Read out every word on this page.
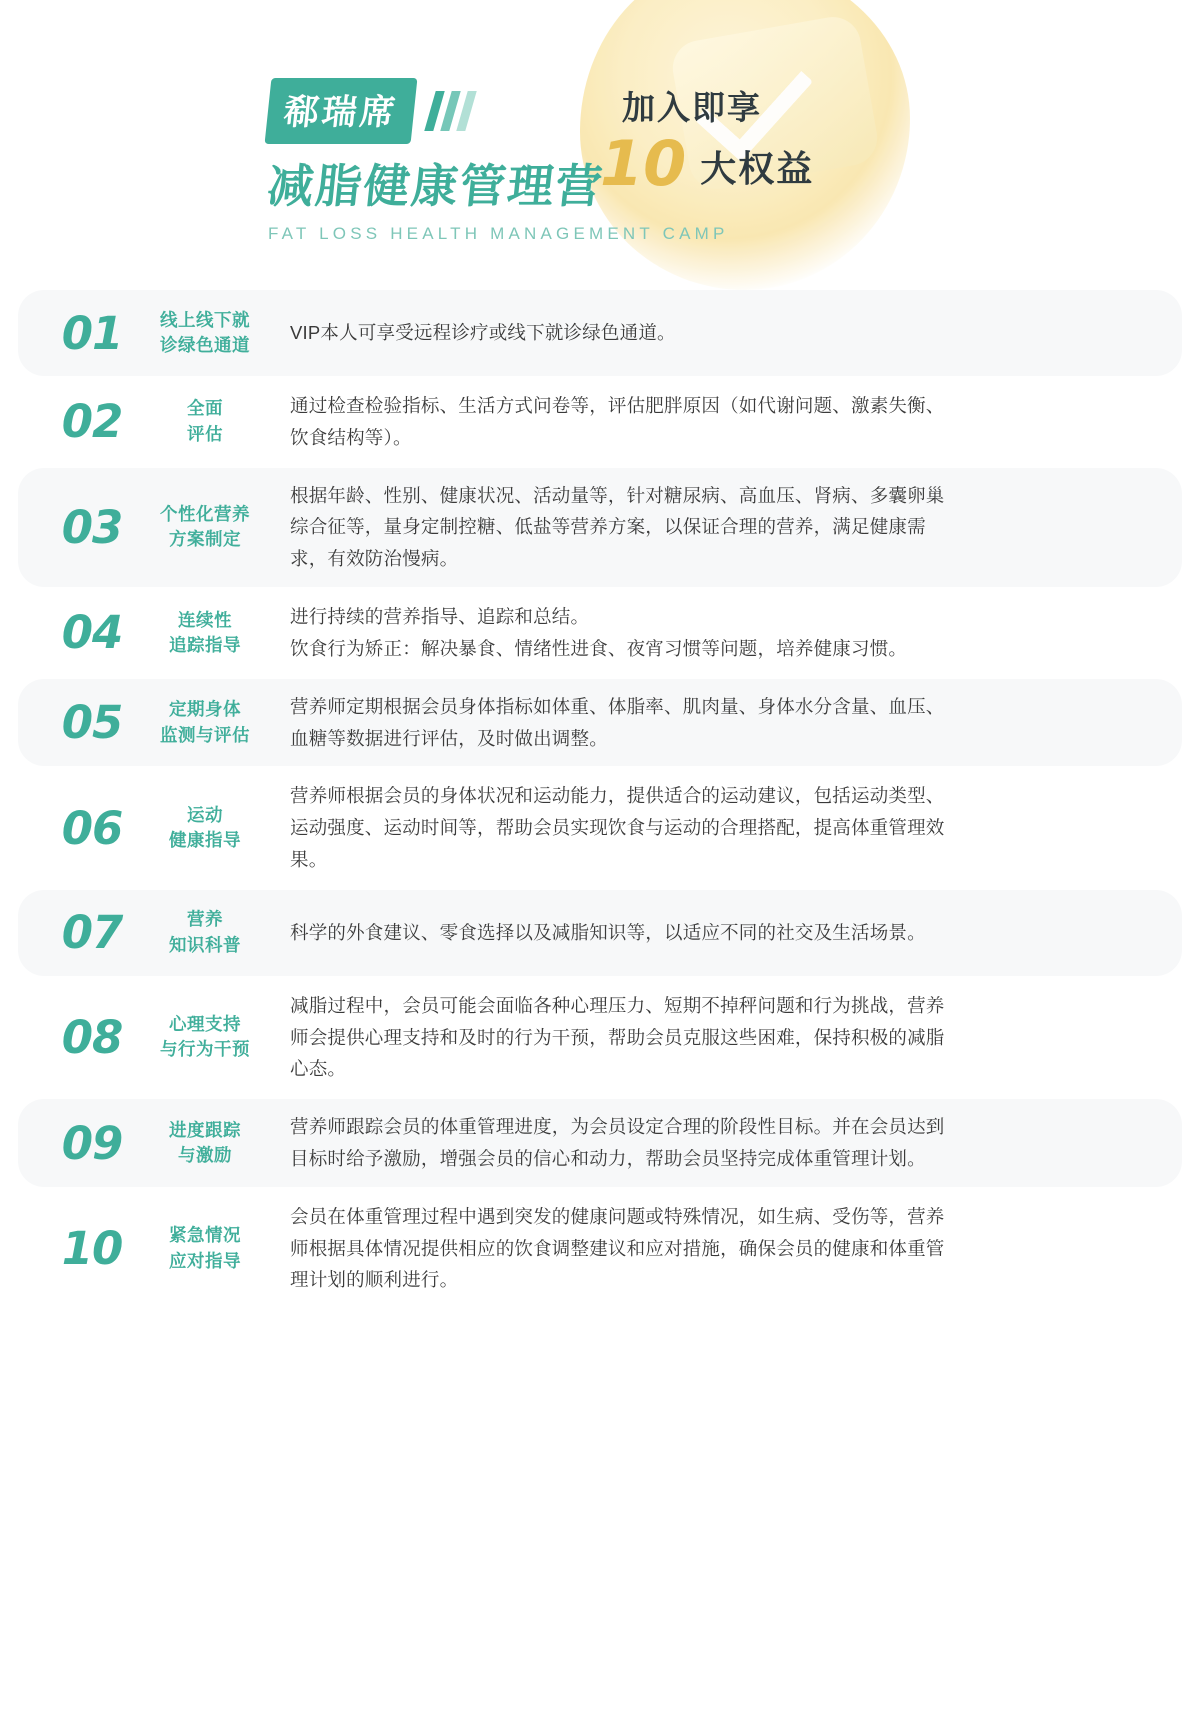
郗瑞席
减脂健康管理营
FAT LOSS HEALTH MANAGEMENT CAMP
加入即享
10 大权益
01	线上线下就
诊绿色通道
VIP本人可享受远程诊疗或线下就诊绿色通道。
02	全面
评估
通过检查检验指标、生活方式问卷等，评估肥胖原因（如代谢问题、激素失衡、
饮食结构等）。
03	个性化营养
方案制定
根据年龄、性别、健康状况、活动量等，针对糖尿病、高血压、肾病、多囊卵巢
综合征等，量身定制控糖、低盐等营养方案，以保证合理的营养，满足健康需
求，有效防治慢病。
04	连续性
追踪指导
进行持续的营养指导、追踪和总结。
饮食行为矫正：解决暴食、情绪性进食、夜宵习惯等问题，培养健康习惯。
05	定期身体
监测与评估
营养师定期根据会员身体指标如体重、体脂率、肌肉量、身体水分含量、血压、
血糖等数据进行评估，及时做出调整。
06	运动
健康指导
营养师根据会员的身体状况和运动能力，提供适合的运动建议，包括运动类型、
运动强度、运动时间等，帮助会员实现饮食与运动的合理搭配，提高体重管理效
果。
07	营养
知识科普
科学的外食建议、零食选择以及减脂知识等，以适应不同的社交及生活场景。
08	心理支持
与行为干预
减脂过程中，会员可能会面临各种心理压力、短期不掉秤问题和行为挑战，营养
师会提供心理支持和及时的行为干预，帮助会员克服这些困难，保持积极的减脂
心态。
09	进度跟踪
与激励
营养师跟踪会员的体重管理进度，为会员设定合理的阶段性目标。并在会员达到
目标时给予激励，增强会员的信心和动力，帮助会员坚持完成体重管理计划。
10	紧急情况
应对指导
会员在体重管理过程中遇到突发的健康问题或特殊情况，如生病、受伤等，营养
师根据具体情况提供相应的饮食调整建议和应对措施，确保会员的健康和体重管
理计划的顺利进行。
